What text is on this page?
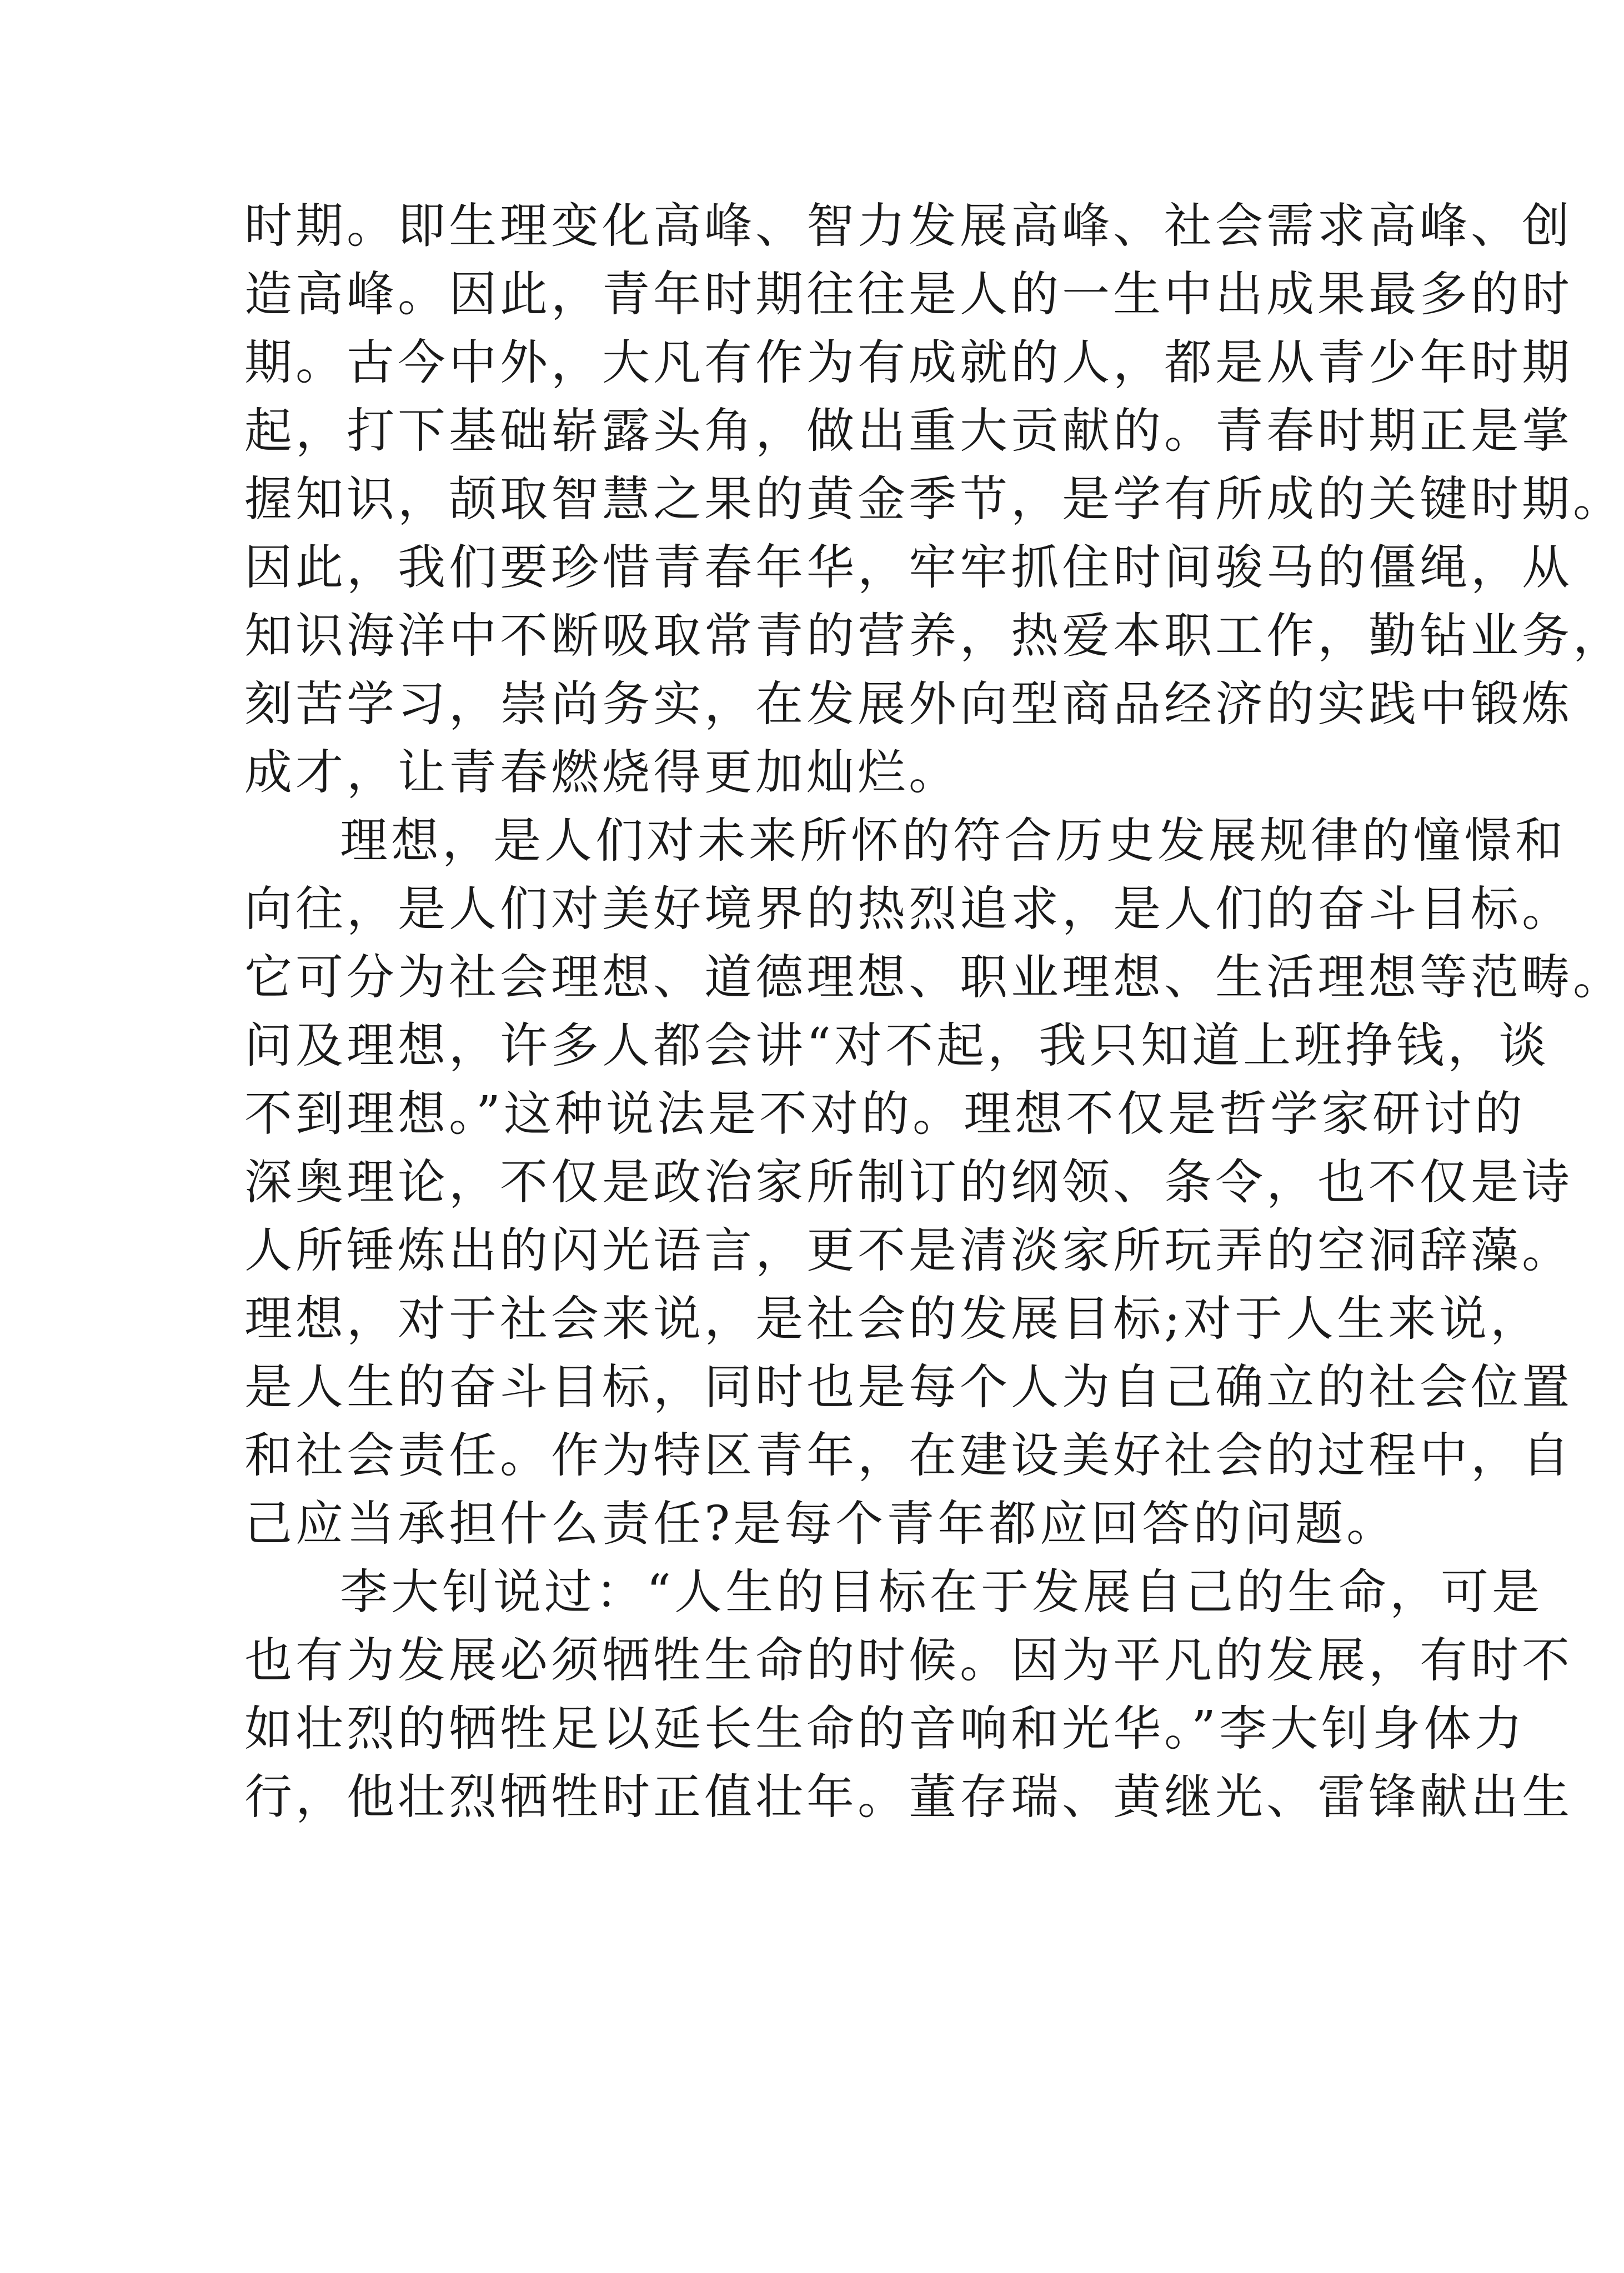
时期。即生理变化高峰、智力发展高峰、社会需求高峰、创
造高峰。因此，青年时期往往是人的一生中出成果最多的时
期。古今中外，大凡有作为有成就的人，都是从青少年时期
起，打下基础崭露头角，做出重大贡献的。青春时期正是掌
握知识，颉取智慧之果的黄金季节，是学有所成的关键时期。
因此，我们要珍惜青春年华，牢牢抓住时间骏马的僵绳，从
知识海洋中不断吸取常青的营养，热爱本职工作，勤钻业务，
刻苦学习，崇尚务实，在发展外向型商品经济的实践中锻炼
成才，让青春燃烧得更加灿烂。
理想，是人们对未来所怀的符合历史发展规律的憧憬和
向往，是人们对美好境界的热烈追求，是人们的奋斗目标。
它可分为社会理想、道德理想、职业理想、生活理想等范畴。
问及理想，许多人都会讲“对不起，我只知道上班挣钱，谈
不到理想。”这种说法是不对的。理想不仅是哲学家研讨的
深奥理论，不仅是政治家所制订的纲领、条令，也不仅是诗
人所锤炼出的闪光语言，更不是清淡家所玩弄的空洞辞藻。
理想，对于社会来说，是社会的发展目标;对于人生来说，
是人生的奋斗目标，同时也是每个人为自己确立的社会位置
和社会责任。作为特区青年，在建设美好社会的过程中，自
己应当承担什么责任?是每个青年都应回答的问题。
李大钊说过：“人生的目标在于发展自己的生命，可是
也有为发展必须牺牲生命的时候。因为平凡的发展，有时不
如壮烈的牺牲足以延长生命的音响和光华。”李大钊身体力
行，他壮烈牺牲时正值壮年。董存瑞、黄继光、雷锋献出生
